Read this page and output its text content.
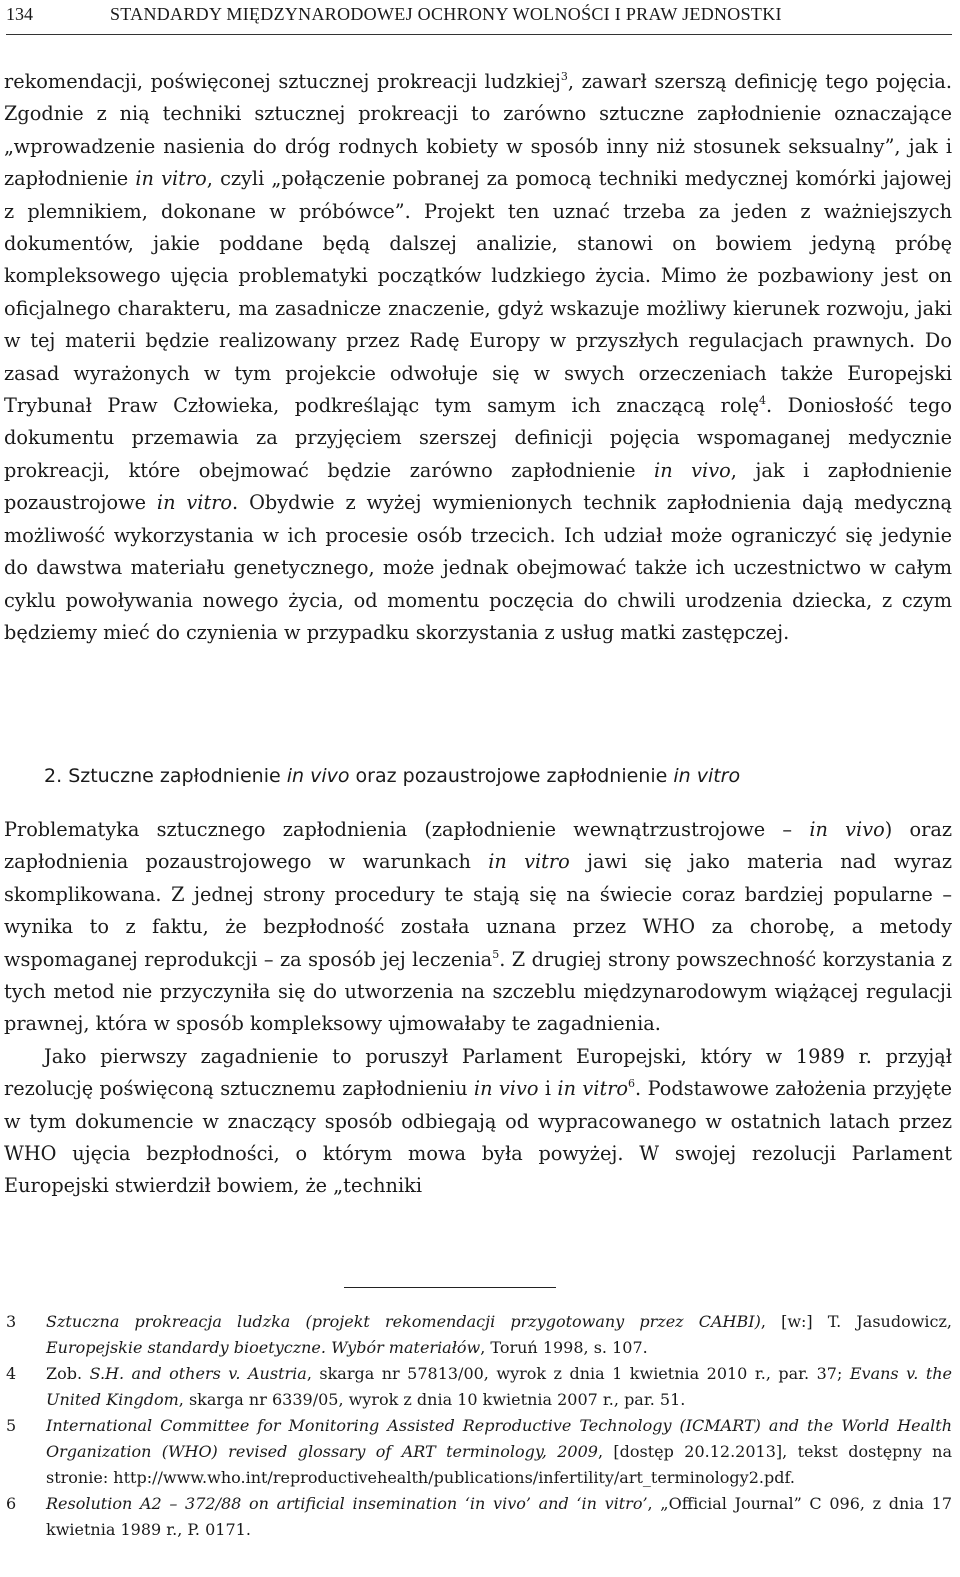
134	STANDARDY MIĘDZYNARODOWEJ OCHRONY WOLNOŚCI I PRAW JEDNOSTKI

rekomendacji, poświęconej sztucznej prokreacji ludzkiej$^3$, zawarł szerszą definicję tego pojęcia. Zgodnie z nią techniki sztucznej prokreacji to zarówno sztuczne zapłodnienie oznaczające „wprowadzenie nasienia do dróg rodnych kobiety w sposób inny niż stosunek seksualny”, jak i zapłodnienie in vitro, czyli „połączenie pobranej za pomocą techniki medycznej komórki jajowej z plemnikiem, dokonane w próbówce”. Projekt ten uznać trzeba za jeden z ważniejszych dokumentów, jakie poddane będą dalszej analizie, stanowi on bowiem jedyną próbę kompleksowego ujęcia problematyki początków ludzkiego życia. Mimo że pozbawiony jest on oficjalnego charakteru, ma zasadnicze znaczenie, gdyż wskazuje możliwy kierunek rozwoju, jaki w tej materii będzie realizowany przez Radę Europy w przyszłych regulacjach prawnych. Do zasad wyrażonych w tym projekcie odwołuje się w swych orzeczeniach także Europejski Trybunał Praw Człowieka, podkreślając tym samym ich znaczącą rolę$^4$. Doniosłość tego dokumentu przemawia za przyjęciem szerszej definicji pojęcia wspomaganej medycznie prokreacji, które obejmować będzie zarówno zapłodnienie in vivo, jak i zapłodnienie pozaustrojowe in vitro. Obydwie z wyżej wymienionych technik zapłodnienia dają medyczną możliwość wykorzystania w ich procesie osób trzecich. Ich udział może ograniczyć się jedynie do dawstwa materiału genetycznego, może jednak obejmować także ich uczestnictwo w całym cyklu powoływania nowego życia, od momentu poczęcia do chwili urodzenia dziecka, z czym będziemy mieć do czynienia w przypadku skorzystania z usług matki zastępczej.

2. Sztuczne zapłodnienie in vivo oraz pozaustrojowe zapłodnienie in vitro

Problematyka sztucznego zapłodnienia (zapłodnienie wewnątrzustrojowe – in vivo) oraz zapłodnienia pozaustrojowego w warunkach in vitro jawi się jako materia nad wyraz skomplikowana. Z jednej strony procedury te stają się na świecie coraz bardziej popularne – wynika to z faktu, że bezpłodność została uznana przez WHO za chorobę, a metody wspomaganej reprodukcji – za sposób jej leczenia$^5$. Z drugiej strony powszechność korzystania z tych metod nie przyczyniła się do utworzenia na szczeblu międzynarodowym wiążącej regulacji prawnej, która w sposób kompleksowy ujmowałaby te zagadnienia.

Jako pierwszy zagadnienie to poruszył Parlament Europejski, który w 1989 r. przyjął rezolucję poświęconą sztucznemu zapłodnieniu in vivo i in vitro$^6$. Podstawowe założenia przyjęte w tym dokumencie w znaczący sposób odbiegają od wypracowanego w ostatnich latach przez WHO ujęcia bezpłodności, o którym mowa była powyżej. W swojej rezolucji Parlament Europejski stwierdził bowiem, że „techniki

3 Sztuczna prokreacja ludzka (projekt rekomendacji przygotowany przez CAHBI), [w:] T. Jasudowicz, Europejskie standardy bioetyczne. Wybór materiałów, Toruń 1998, s. 107.
4 Zob. S.H. and others v. Austria, skarga nr 57813/00, wyrok z dnia 1 kwietnia 2010 r., par. 37; Evans v. the United Kingdom, skarga nr 6339/05, wyrok z dnia 10 kwietnia 2007 r., par. 51.
5 International Committee for Monitoring Assisted Reproductive Technology (ICMART) and the World Health Organization (WHO) revised glossary of ART terminology, 2009, [dostęp 20.12.2013], tekst dostępny na stronie: http://www.who.int/reproductivehealth/publications/infertility/art_terminology2.pdf.
6 Resolution A2 – 372/88 on artificial insemination ‘in vivo’ and ‘in vitro’, „Official Journal” C 096, z dnia 17 kwietnia 1989 r., P. 0171.
